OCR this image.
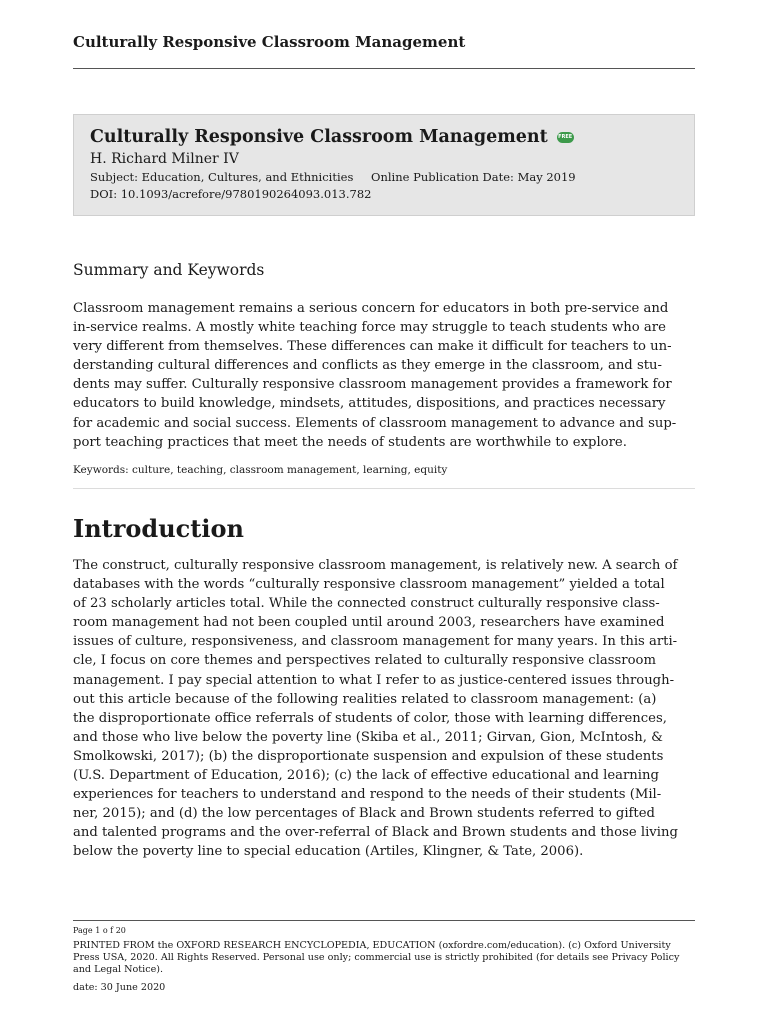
Culturally Responsive Classroom Management
Culturally Responsive Classroom Management FREE
H. Richard Milner IV
Subject: Education, Cultures, and Ethnicities Online Publication Date: May 2019
DOI: 10.1093/acrefore/9780190264093.013.782
Summary and Keywords
Classroom management remains a serious concern for educators in both pre-service and
in-service realms. A mostly white teaching force may struggle to teach students who are
very different from themselves. These differences can make it difficult for teachers to un‐
derstanding cultural differences and conflicts as they emerge in the classroom, and stu‐
dents may suffer. Culturally responsive classroom management provides a framework for
educators to build knowledge, mindsets, attitudes, dispositions, and practices necessary
for academic and social success. Elements of classroom management to advance and sup‐
port teaching practices that meet the needs of students are worthwhile to explore.
Keywords: culture, teaching, classroom management, learning, equity
Introduction
The construct, culturally responsive classroom management, is relatively new. A search of
databases with the words “culturally responsive classroom management” yielded a total
of 23 scholarly articles total. While the connected construct culturally responsive class‐
room management had not been coupled until around 2003, researchers have examined
issues of culture, responsiveness, and classroom management for many years. In this arti‐
cle, I focus on core themes and perspectives related to culturally responsive classroom
management. I pay special attention to what I refer to as justice-centered issues through‐
out this article because of the following realities related to classroom management: (a)
the disproportionate office referrals of students of color, those with learning differences,
and those who live below the poverty line (Skiba et al., 2011; Girvan, Gion, McIntosh, &
Smolkowski, 2017); (b) the disproportionate suspension and expulsion of these students
(U.S. Department of Education, 2016); (c) the lack of effective educational and learning
experiences for teachers to understand and respond to the needs of their students (Mil‐
ner, 2015); and (d) the low percentages of Black and Brown students referred to gifted
and talented programs and the over-referral of Black and Brown students and those living
below the poverty line to special education (Artiles, Klingner, & Tate, 2006).
Page 1 o f 20
PRINTED FROM the OXFORD RESEARCH ENCYCLOPEDIA, EDUCATION (oxfordre.com/education). (c) Oxford University Press USA, 2020. All Rights Reserved. Personal use only; commercial use is strictly prohibited (for details see Privacy Policy and Legal Notice).
date: 30 June 2020
